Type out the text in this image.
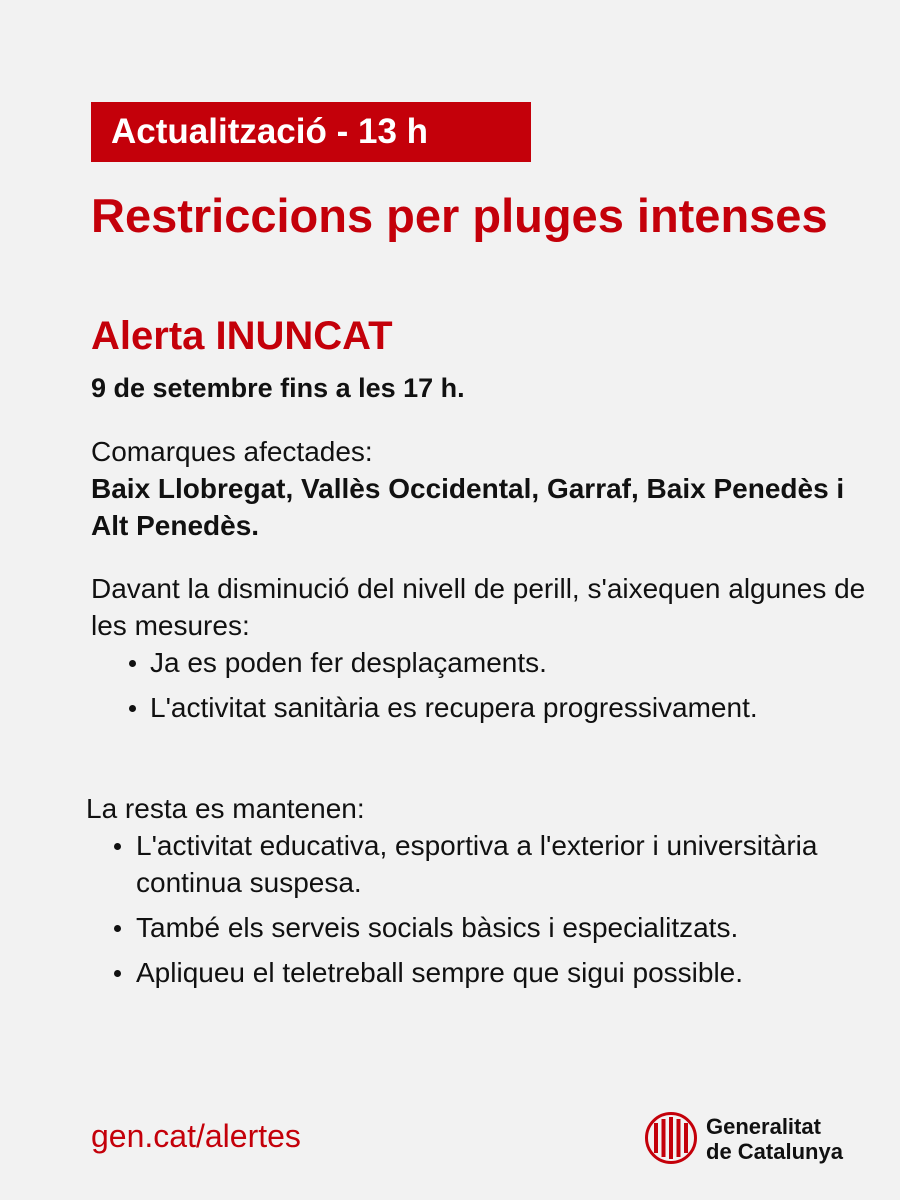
Actualització - 13 h
Restriccions per pluges intenses
Alerta INUNCAT

9 de setembre fins a les 17 h.

Comarques afectades:
Baix Llobregat, Vallès Occidental, Garraf, Baix Penedès i Alt Penedès.
Davant la disminució del nivell de perill, s'aixequen algunes de les mesures:
Ja es poden fer desplaçaments.
L'activitat sanitària es recupera progressivament.
La resta es mantenen:
L'activitat educativa, esportiva a l'exterior i universitària continua suspesa.
També els serveis socials bàsics i especialitzats.
Apliqueu el teletreball sempre que sigui possible.
gen.cat/alertes	Generalitat
de Catalunya
